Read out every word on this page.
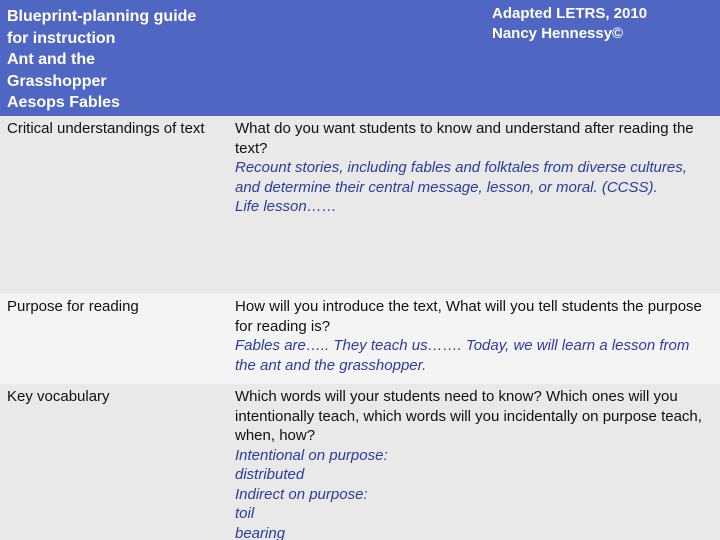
Blueprint-planning guide
for instruction
Ant and the
Grasshopper
Aesops Fables
Adapted LETRS, 2010
Nancy Hennessy©
Critical understandings of text	What do you want students to know and understand after reading the text?
Recount stories, including fables and folktales from diverse cultures, and determine their central message, lesson, or moral. (CCSS).
Life lesson……
Purpose for reading	How will you introduce the text, What will you tell students the purpose for reading is?
Fables are….. They teach us……. Today, we will learn a lesson from the ant and the grasshopper.
Key vocabulary	Which words will your students need to know? Which ones will you intentionally teach, which words will you incidentally on purpose teach, when, how?
Intentional on purpose:
distributed
Indirect on purpose:
toil
bearing
